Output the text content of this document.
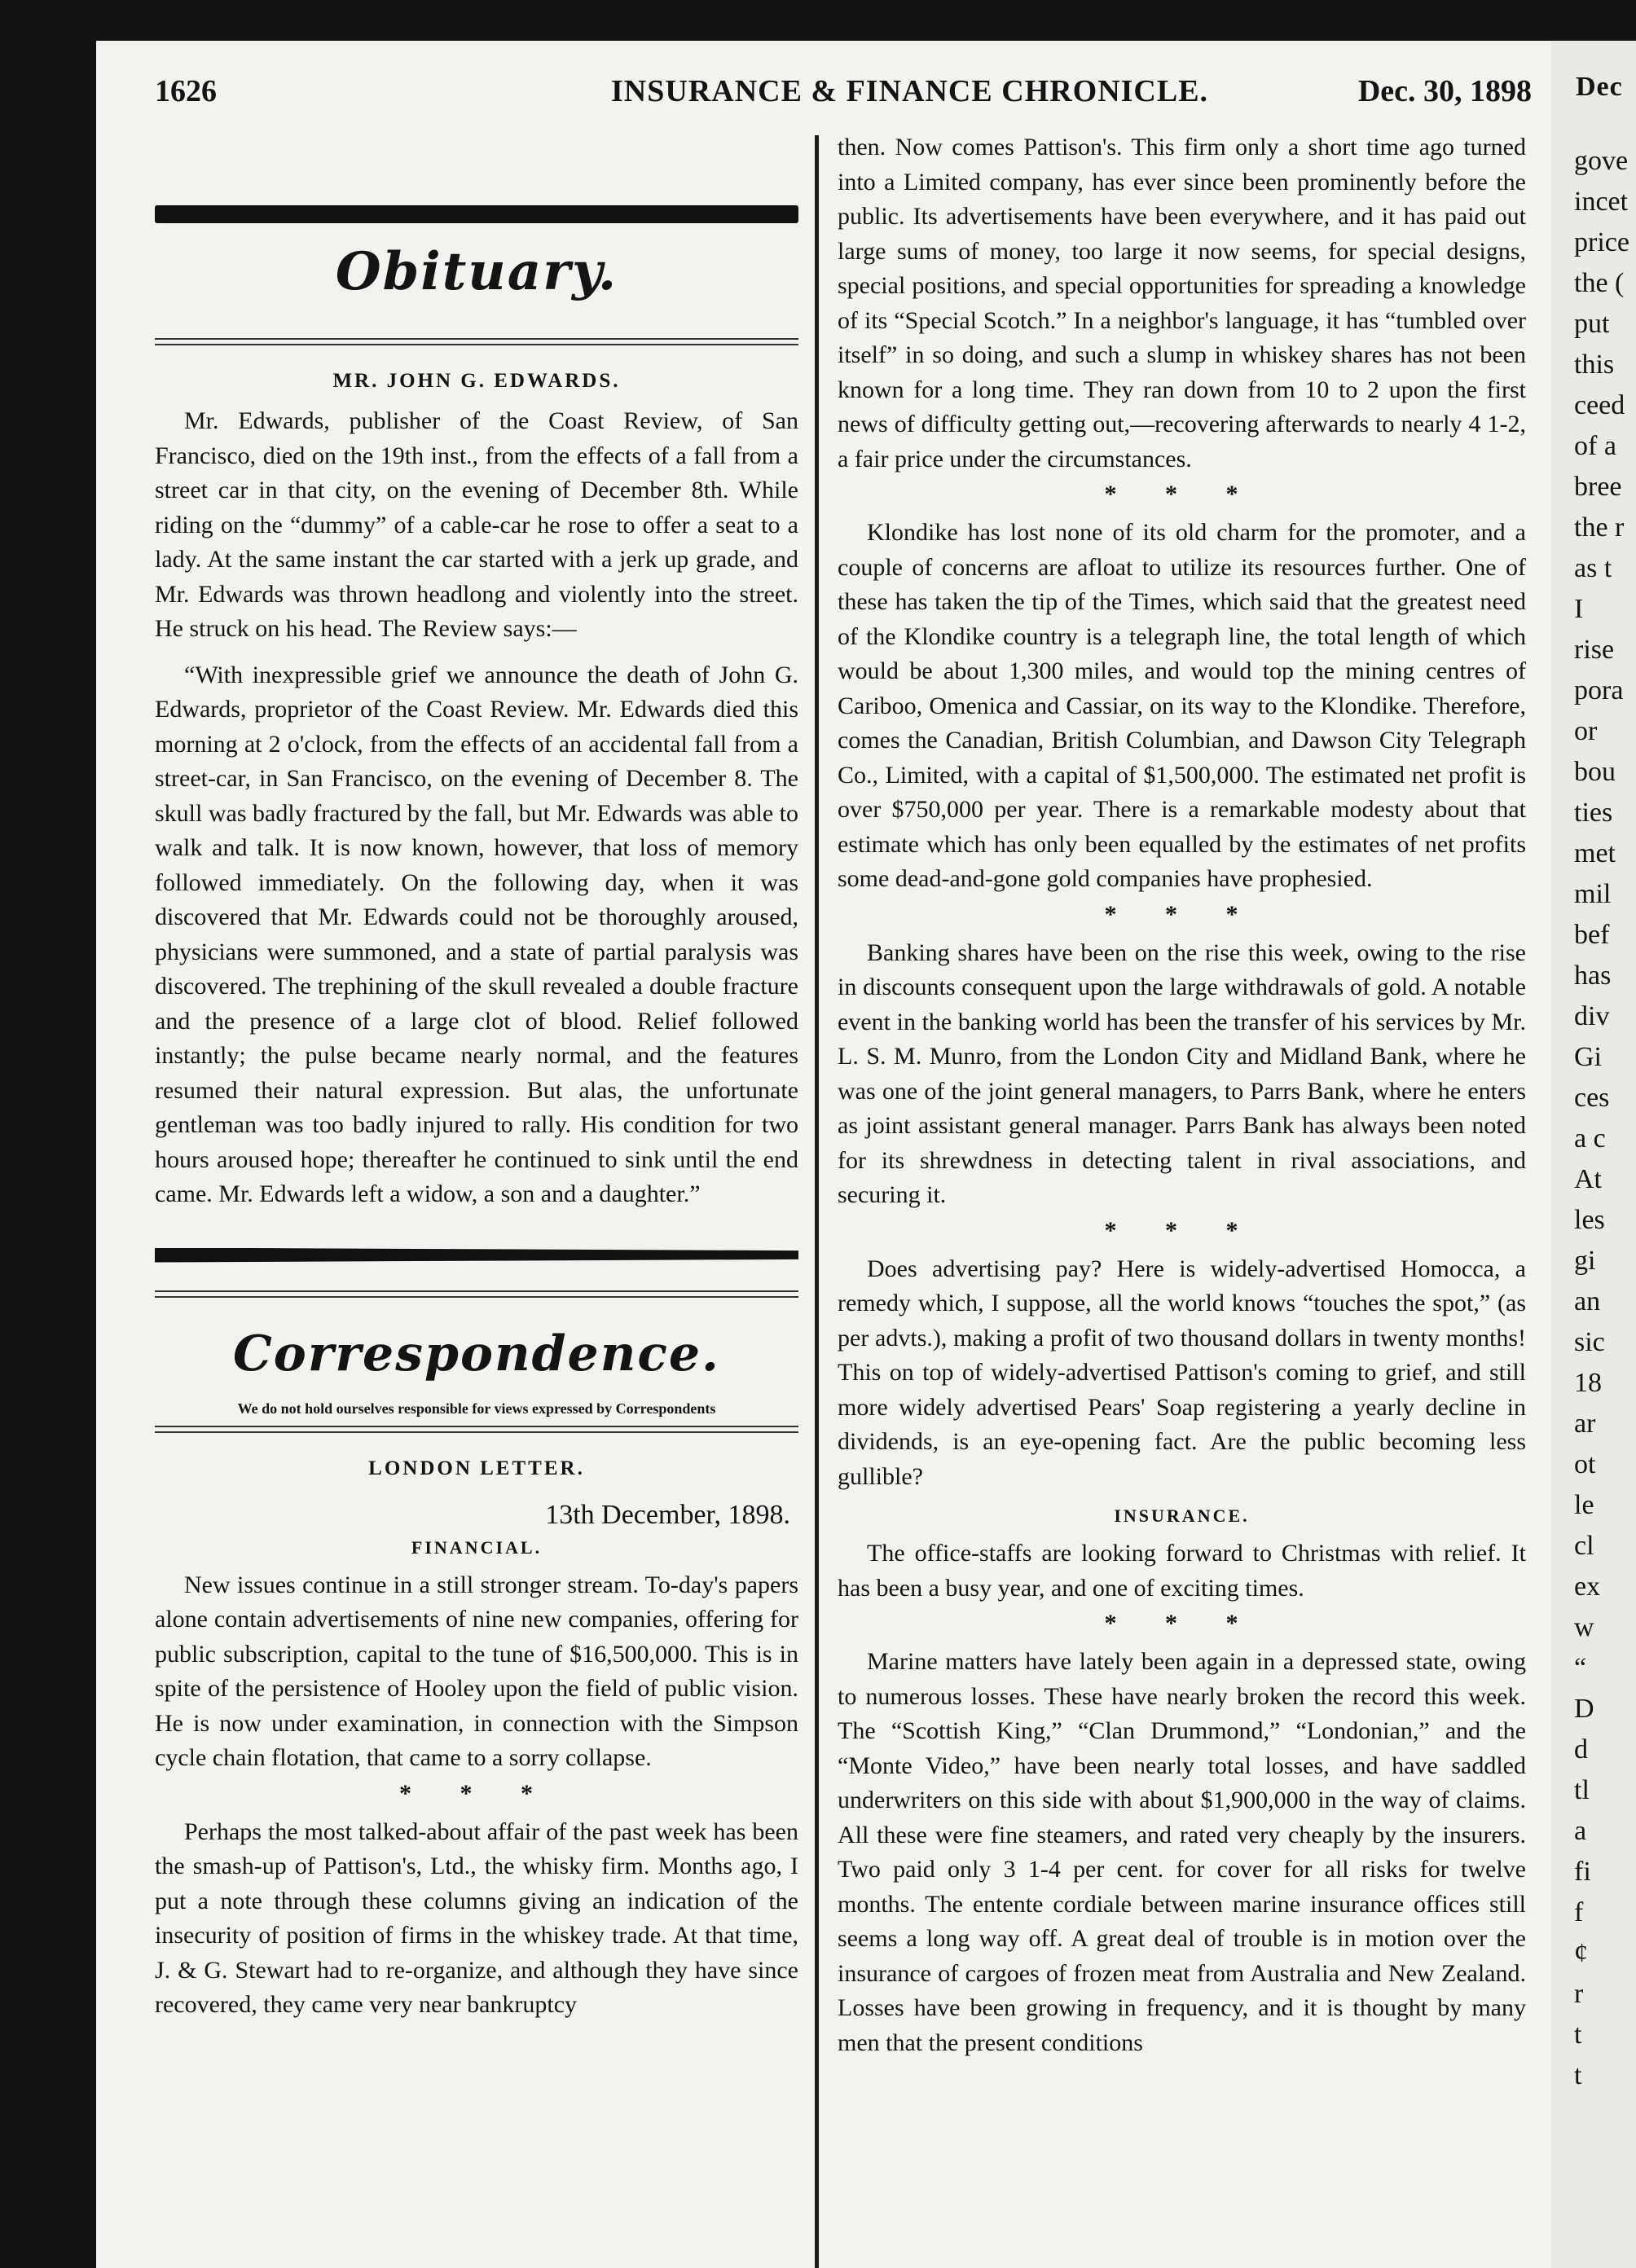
1626	INSURANCE & FINANCE CHRONICLE.	Dec. 30, 1898
Obituary.
MR. JOHN G. EDWARDS.

Mr. Edwards, publisher of the Coast Review, of San Francisco, died on the 19th inst., from the effects of a fall from a street car in that city, on the evening of December 8th. While riding on the “dummy” of a cable-car he rose to offer a seat to a lady. At the same instant the car started with a jerk up grade, and Mr. Edwards was thrown headlong and violently into the street. He struck on his head. The Review says:—

“With inexpressible grief we announce the death of John G. Edwards, proprietor of the Coast Review. Mr. Edwards died this morning at 2 o'clock, from the effects of an accidental fall from a street-car, in San Francisco, on the evening of December 8. The skull was badly fractured by the fall, but Mr. Edwards was able to walk and talk. It is now known, however, that loss of memory followed immediately. On the following day, when it was discovered that Mr. Edwards could not be thoroughly aroused, physicians were summoned, and a state of partial paralysis was discovered. The trephining of the skull revealed a double fracture and the presence of a large clot of blood. Relief followed instantly; the pulse became nearly normal, and the features resumed their natural expression. But alas, the unfortunate gentleman was too badly injured to rally. His condition for two hours aroused hope; thereafter he continued to sink until the end came. Mr. Edwards left a widow, a son and a daughter.”

Correspondence.
We do not hold ourselves responsible for views expressed by Correspondents
LONDON LETTER.
13th December, 1898.
FINANCIAL.

New issues continue in a still stronger stream. To-day's papers alone contain advertisements of nine new companies, offering for public subscription, capital to the tune of $16,500,000. This is in spite of the persistence of Hooley upon the field of public vision. He is now under examination, in connection with the Simpson cycle chain flotation, that came to a sorry collapse.

* * *

Perhaps the most talked-about affair of the past week has been the smash-up of Pattison's, Ltd., the whisky firm. Months ago, I put a note through these columns giving an indication of the insecurity of position of firms in the whiskey trade. At that time, J. & G. Stewart had to re-organize, and although they have since recovered, they came very near bankruptcy

then. Now comes Pattison's. This firm only a short time ago turned into a Limited company, has ever since been prominently before the public. Its advertisements have been everywhere, and it has paid out large sums of money, too large it now seems, for special designs, special positions, and special opportunities for spreading a knowledge of its “Special Scotch.” In a neighbor's language, it has “tumbled over itself” in so doing, and such a slump in whiskey shares has not been known for a long time. They ran down from 10 to 2 upon the first news of difficulty getting out,—recovering afterwards to nearly 4 1-2, a fair price under the circumstances.

* * *

Klondike has lost none of its old charm for the promoter, and a couple of concerns are afloat to utilize its resources further. One of these has taken the tip of the Times, which said that the greatest need of the Klondike country is a telegraph line, the total length of which would be about 1,300 miles, and would top the mining centres of Cariboo, Omenica and Cassiar, on its way to the Klondike. Therefore, comes the Canadian, British Columbian, and Dawson City Telegraph Co., Limited, with a capital of $1,500,000. The estimated net profit is over $750,000 per year. There is a remarkable modesty about that estimate which has only been equalled by the estimates of net profits some dead-and-gone gold companies have prophesied.

* * *

Banking shares have been on the rise this week, owing to the rise in discounts consequent upon the large withdrawals of gold. A notable event in the banking world has been the transfer of his services by Mr. L. S. M. Munro, from the London City and Midland Bank, where he was one of the joint general managers, to Parrs Bank, where he enters as joint assistant general manager. Parrs Bank has always been noted for its shrewdness in detecting talent in rival associations, and securing it.

* * *

Does advertising pay? Here is widely-advertised Homocca, a remedy which, I suppose, all the world knows “touches the spot,” (as per advts.), making a profit of two thousand dollars in twenty months! This on top of widely-advertised Pattison's coming to grief, and still more widely advertised Pears' Soap registering a yearly decline in dividends, is an eye-opening fact. Are the public becoming less gullible?

INSURANCE.

The office-staffs are looking forward to Christmas with relief. It has been a busy year, and one of exciting times.

* * *

Marine matters have lately been again in a depressed state, owing to numerous losses. These have nearly broken the record this week. The “Scottish King,” “Clan Drummond,” “Londonian,” and the “Monte Video,” have been nearly total losses, and have saddled underwriters on this side with about $1,900,000 in the way of claims. All these were fine steamers, and rated very cheaply by the insurers. Two paid only 3 1-4 per cent. for cover for all risks for twelve months. The entente cordiale between marine insurance offices still seems a long way off. A great deal of trouble is in motion over the insurance of cargoes of frozen meat from Australia and New Zealand. Losses have been growing in frequency, and it is thought by many men that the present conditions

Dec
gove
incet
price
the (
put
this
ceed
of a
bree
the r
as t
I
rise
pora
or
bou
ties
met
mil
bef
has
div
Gi
ces
a c
At
les
gi
an
sic
18
ar
ot
le
cl
ex
w
“
D
d
tl
a
fi
f
¢
r
t
t
